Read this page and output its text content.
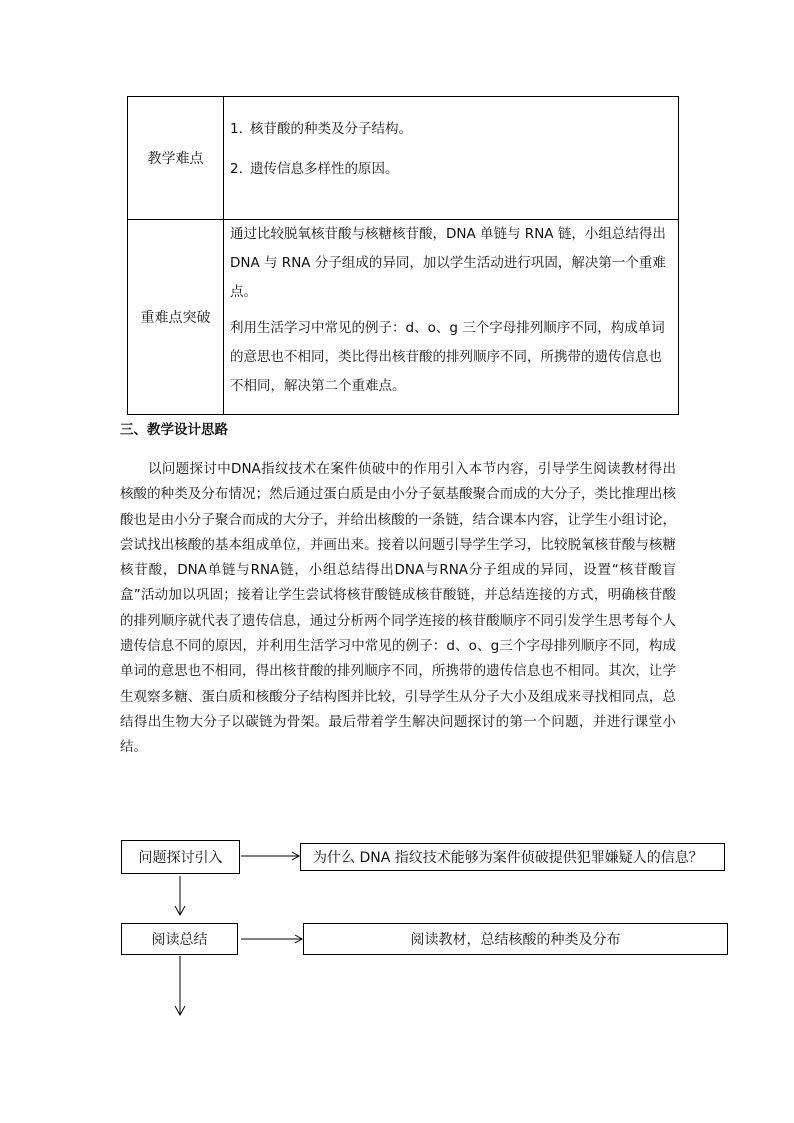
教学难点	1. 核苷酸的种类及分子结构。

2. 遗传信息多样性的原因。

重难点突破	通过比较脱氧核苷酸与核糖核苷酸，DNA 单链与 RNA 链，小组总结得出 DNA 与 RNA 分子组成的异同，加以学生活动进行巩固，解决第一个重难点。

利用生活学习中常见的例子：d、o、g 三个字母排列顺序不同，构成单词的意思也不相同，类比得出核苷酸的排列顺序不同，所携带的遗传信息也不相同，解决第二个重难点。

三、教学设计思路

以问题探讨中DNA指纹技术在案件侦破中的作用引入本节内容，引导学生阅读教材得出核酸的种类及分布情况；然后通过蛋白质是由小分子氨基酸聚合而成的大分子，类比推理出核酸也是由小分子聚合而成的大分子，并给出核酸的一条链，结合课本内容，让学生小组讨论，尝试找出核酸的基本组成单位，并画出来。接着以问题引导学生学习，比较脱氧核苷酸与核糖核苷酸，DNA单链与RNA链，小组总结得出DNA与RNA分子组成的异同，设置“核苷酸盲盒”活动加以巩固；接着让学生尝试将核苷酸链成核苷酸链，并总结连接的方式，明确核苷酸的排列顺序就代表了遗传信息，通过分析两个同学连接的核苷酸顺序不同引发学生思考每个人遗传信息不同的原因，并利用生活学习中常见的例子：d、o、g三个字母排列顺序不同，构成单词的意思也不相同，得出核苷酸的排列顺序不同，所携带的遗传信息也不相同。其次，让学生观察多糖、蛋白质和核酸分子结构图并比较，引导学生从分子大小及组成来寻找相同点，总结得出生物大分子以碳链为骨架。最后带着学生解决问题探讨的第一个问题，并进行课堂小结。

问题探讨引入	为什么 DNA 指纹技术能够为案件侦破提供犯罪嫌疑人的信息？
阅读总结	阅读教材，总结核酸的种类及分布
